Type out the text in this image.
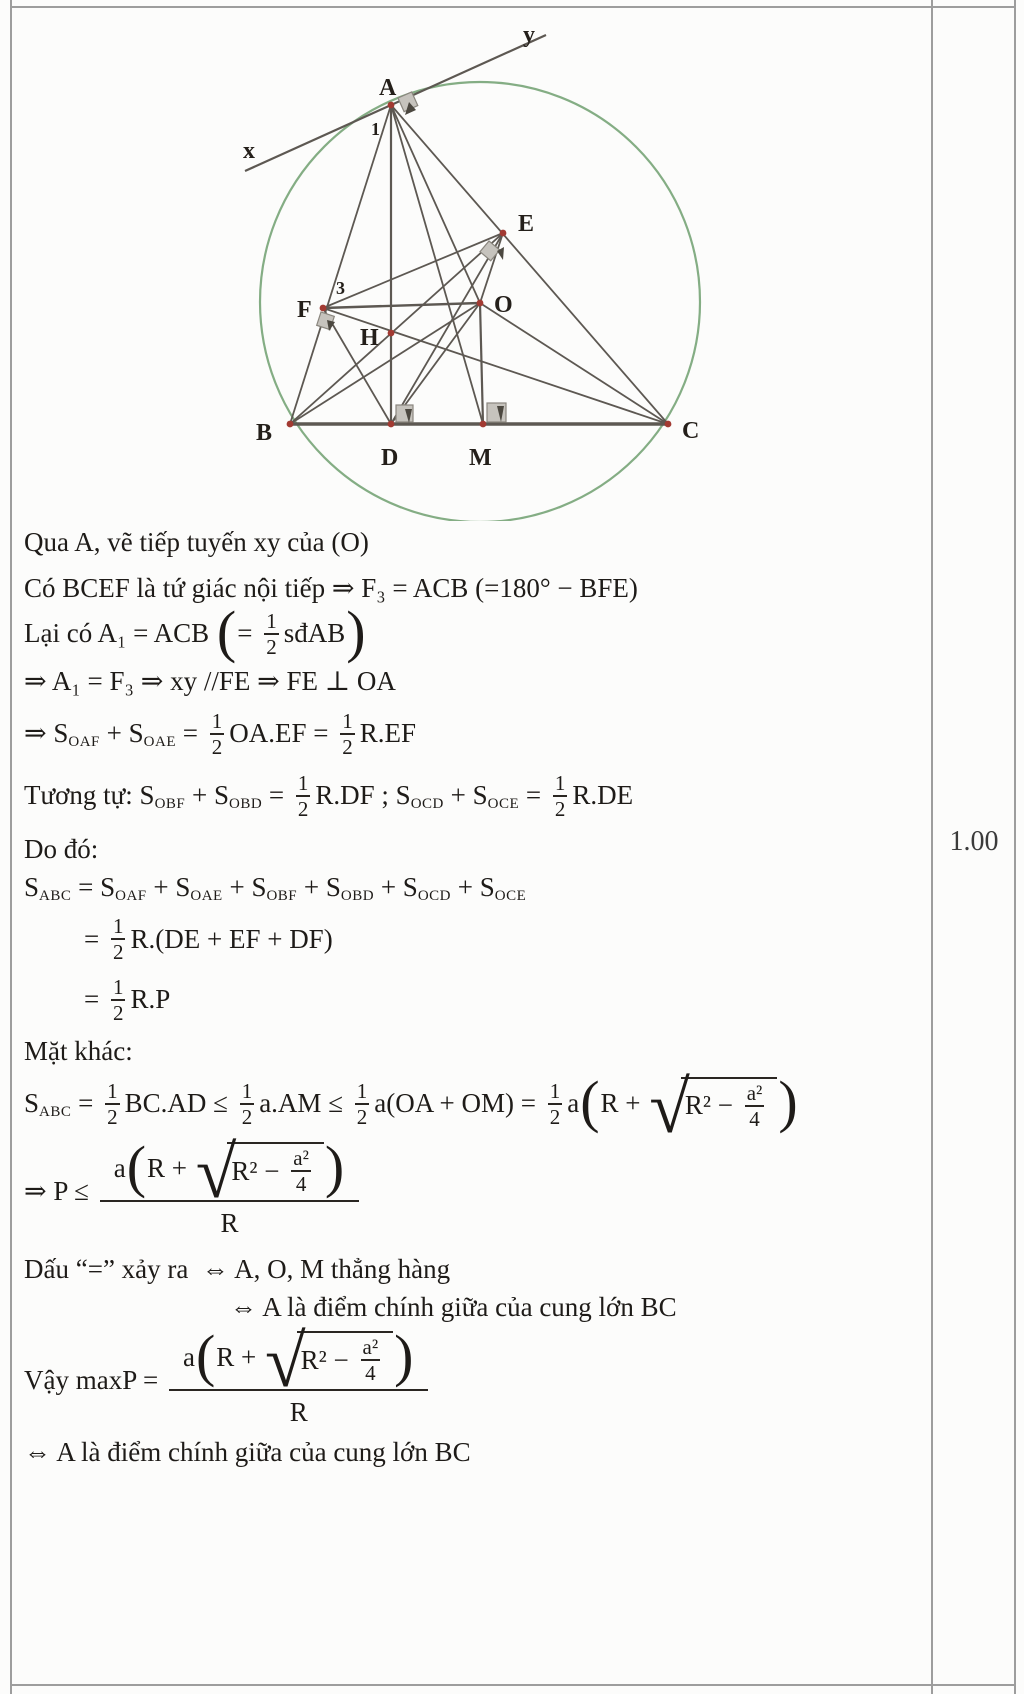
A
1
x
y
E
F
3
O
H
B	C
D	M
Qua A, vẽ tiếp tuyến xy của (O)
Có BCEF là tứ giác nội tiếp ⇒ F₃ = ACB (=180° − BFE)
Lại có A₁ = ACB ( = $\frac{1}{2}$ sđAB )
⇒ A₁ = F₃ ⇒ xy //FE ⇒ FE ⊥ OA
⇒ S OAF + S OAE = $\frac{1}{2} OA.EF = \frac{1}{2} R.EF$
Tương tự: S OBF + S OBD = $\frac{1}{2} R.DF$ ; S OCD + S OCE = $\frac{1}{2} R.DE$
Do đó:
S ABC = S OAF + S OAE + S OBF + S OBD + S OCD + S OCE
= $\frac{1}{2} R.(DE$ + EF + DF)
= $\frac{1}{2} R.P$
Mặt khác:
S ABC = $\frac{1}{2} BC.AD \le \frac{1}{2} a.AM \le \frac{1}{2} a(OA + OM) = \frac{1}{2}$ a ( R + √
$R^2 - \frac{\text{a²}}{4}$ )
⇒ P ≤
a ( R + √
$R^2 - \frac{\text{a²}}{4}$ )
R
Dấu “=” xảy ra  ⇔ A, O, M thẳng hàng
⇔ A là điểm chính giữa của cung lớn BC
Vậy maxP =
a ( R + √
$R^2 - \frac{\text{a²}}{4}$ )
R
⇔ A là điểm chính giữa của cung lớn BC
1.00
